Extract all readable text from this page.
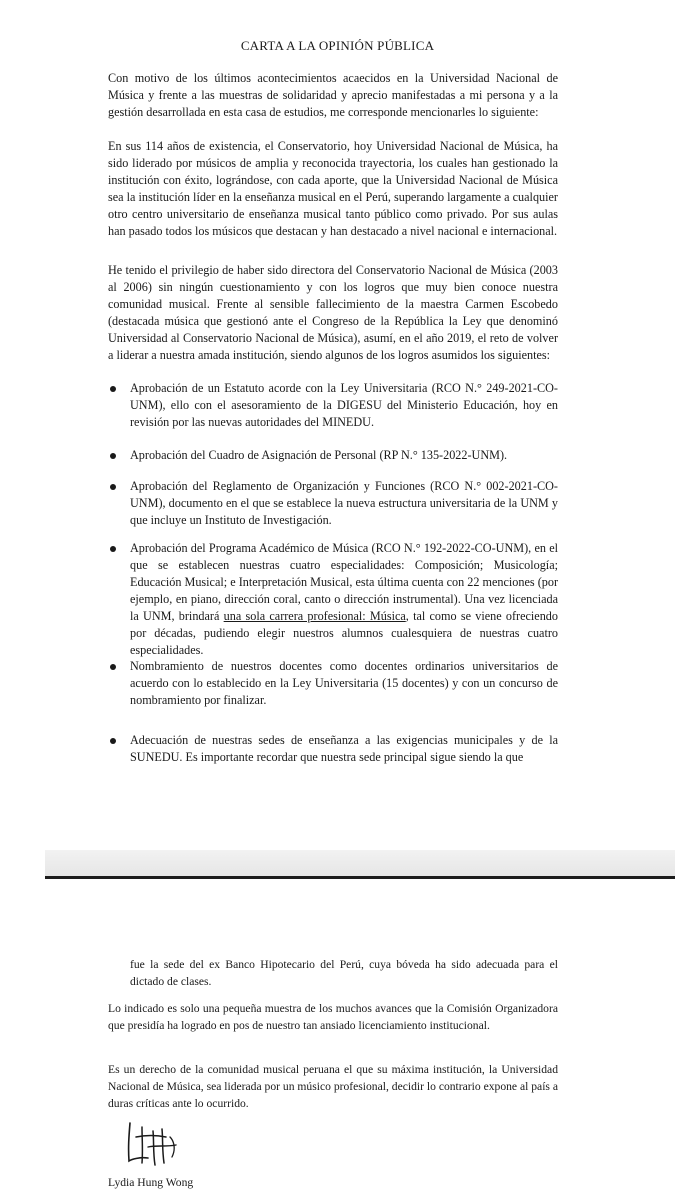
CARTA A LA OPINIÓN PÚBLICA
Con motivo de los últimos acontecimientos acaecidos en la Universidad Nacional de Música y frente a las muestras de solidaridad y aprecio manifestadas a mi persona y a la gestión desarrollada en esta casa de estudios, me corresponde mencionarles lo siguiente:
En sus 114 años de existencia, el Conservatorio, hoy Universidad Nacional de Música, ha sido liderado por músicos de amplia y reconocida trayectoria, los cuales han gestionado la institución con éxito, lográndose, con cada aporte, que la Universidad Nacional de Música sea la institución líder en la enseñanza musical en el Perú, superando largamente a cualquier otro centro universitario de enseñanza musical tanto público como privado. Por sus aulas han pasado todos los músicos que destacan y han destacado a nivel nacional e internacional.
He tenido el privilegio de haber sido directora del Conservatorio Nacional de Música (2003 al 2006) sin ningún cuestionamiento y con los logros que muy bien conoce nuestra comunidad musical. Frente al sensible fallecimiento de la maestra Carmen Escobedo (destacada música que gestionó ante el Congreso de la República la Ley que denominó Universidad al Conservatorio Nacional de Música), asumí, en el año 2019, el reto de volver a liderar a nuestra amada institución, siendo algunos de los logros asumidos los siguientes:
Aprobación de un Estatuto acorde con la Ley Universitaria (RCO N.° 249-2021-CO-UNM), ello con el asesoramiento de la DIGESU del Ministerio Educación, hoy en revisión por las nuevas autoridades del MINEDU.
Aprobación del Cuadro de Asignación de Personal (RP N.° 135-2022-UNM).
Aprobación del Reglamento de Organización y Funciones (RCO N.° 002-2021-CO-UNM), documento en el que se establece la nueva estructura universitaria de la UNM y que incluye un Instituto de Investigación.
Aprobación del Programa Académico de Música (RCO N.° 192-2022-CO-UNM), en el que se establecen nuestras cuatro especialidades: Composición; Musicología; Educación Musical; e Interpretación Musical, esta última cuenta con 22 menciones (por ejemplo, en piano, dirección coral, canto o dirección instrumental). Una vez licenciada la UNM, brindará una sola carrera profesional: Música, tal como se viene ofreciendo por décadas, pudiendo elegir nuestros alumnos cualesquiera de nuestras cuatro especialidades.
Nombramiento de nuestros docentes como docentes ordinarios universitarios de acuerdo con lo establecido en la Ley Universitaria (15 docentes) y con un concurso de nombramiento por finalizar.
Adecuación de nuestras sedes de enseñanza a las exigencias municipales y de la SUNEDU. Es importante recordar que nuestra sede principal sigue siendo la que
fue la sede del ex Banco Hipotecario del Perú, cuya bóveda ha sido adecuada para el dictado de clases.
Lo indicado es solo una pequeña muestra de los muchos avances que la Comisión Organizadora que presidía ha logrado en pos de nuestro tan ansiado licenciamiento institucional.
Es un derecho de la comunidad musical peruana el que su máxima institución, la Universidad Nacional de Música, sea liderada por un músico profesional, decidir lo contrario expone al país a duras críticas ante lo ocurrido.
Lydia Hung Wong
